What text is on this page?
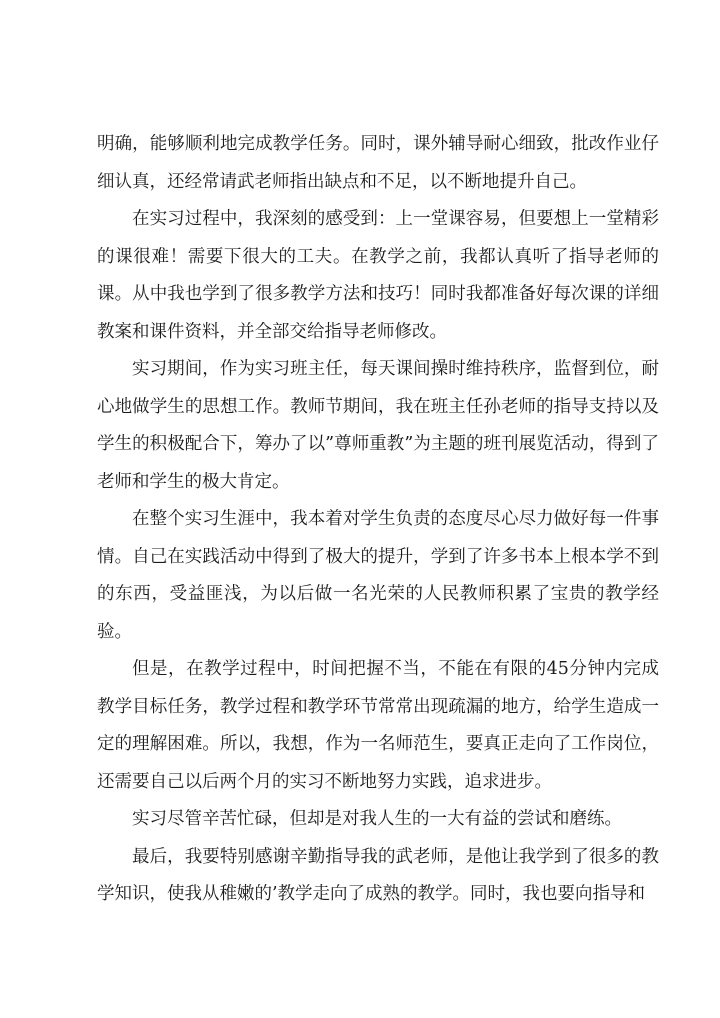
明确，能够顺利地完成教学任务。同时，课外辅导耐心细致，批改作业仔细认真，还经常请武老师指出缺点和不足，以不断地提升自己。

在实习过程中，我深刻的感受到：上一堂课容易，但要想上一堂精彩的课很难！需要下很大的工夫。在教学之前，我都认真听了指导老师的课。从中我也学到了很多教学方法和技巧！同时我都准备好每次课的详细教案和课件资料，并全部交给指导老师修改。

实习期间，作为实习班主任，每天课间操时维持秩序，监督到位，耐心地做学生的思想工作。教师节期间，我在班主任孙老师的指导支持以及学生的积极配合下，筹办了以”尊师重教”为主题的班刊展览活动，得到了老师和学生的极大肯定。

在整个实习生涯中，我本着对学生负责的态度尽心尽力做好每一件事情。自己在实践活动中得到了极大的提升，学到了许多书本上根本学不到的东西，受益匪浅，为以后做一名光荣的人民教师积累了宝贵的教学经验。

但是，在教学过程中，时间把握不当，不能在有限的45分钟内完成教学目标任务，教学过程和教学环节常常出现疏漏的地方，给学生造成一定的理解困难。所以，我想，作为一名师范生，要真正走向了工作岗位，还需要自己以后两个月的实习不断地努力实践，追求进步。

实习尽管辛苦忙碌，但却是对我人生的一大有益的尝试和磨练。

最后，我要特别感谢辛勤指导我的武老师，是他让我学到了很多的教学知识，使我从稚嫩的’教学走向了成熟的教学。同时，我也要向指导和
